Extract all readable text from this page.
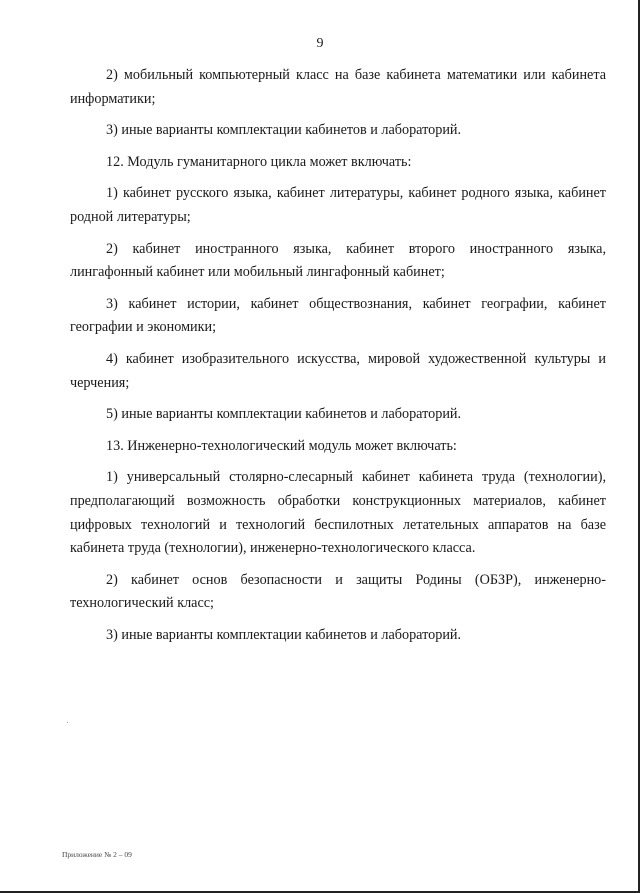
9

2) мобильный компьютерный класс на базе кабинета математики или кабинета информатики;

3) иные варианты комплектации кабинетов и лабораторий.

12. Модуль гуманитарного цикла может включать:

1) кабинет русского языка, кабинет литературы, кабинет родного языка, кабинет родной литературы;

2) кабинет иностранного языка, кабинет второго иностранного языка, лингафонный кабинет или мобильный лингафонный кабинет;

3) кабинет истории, кабинет обществознания, кабинет географии, кабинет географии и экономики;

4) кабинет изобразительного искусства, мировой художественной культуры и черчения;

5) иные варианты комплектации кабинетов и лабораторий.

13. Инженерно-технологический модуль может включать:

1) универсальный столярно-слесарный кабинет кабинета труда (технологии), предполагающий возможность обработки конструкционных материалов, кабинет цифровых технологий и технологий беспилотных летательных аппаратов на базе кабинета труда (технологии), инженерно-технологического класса.

2) кабинет основ безопасности и защиты Родины (ОБЗР), инженерно-технологический класс;

3) иные варианты комплектации кабинетов и лабораторий.

Приложение № 2 – 09
